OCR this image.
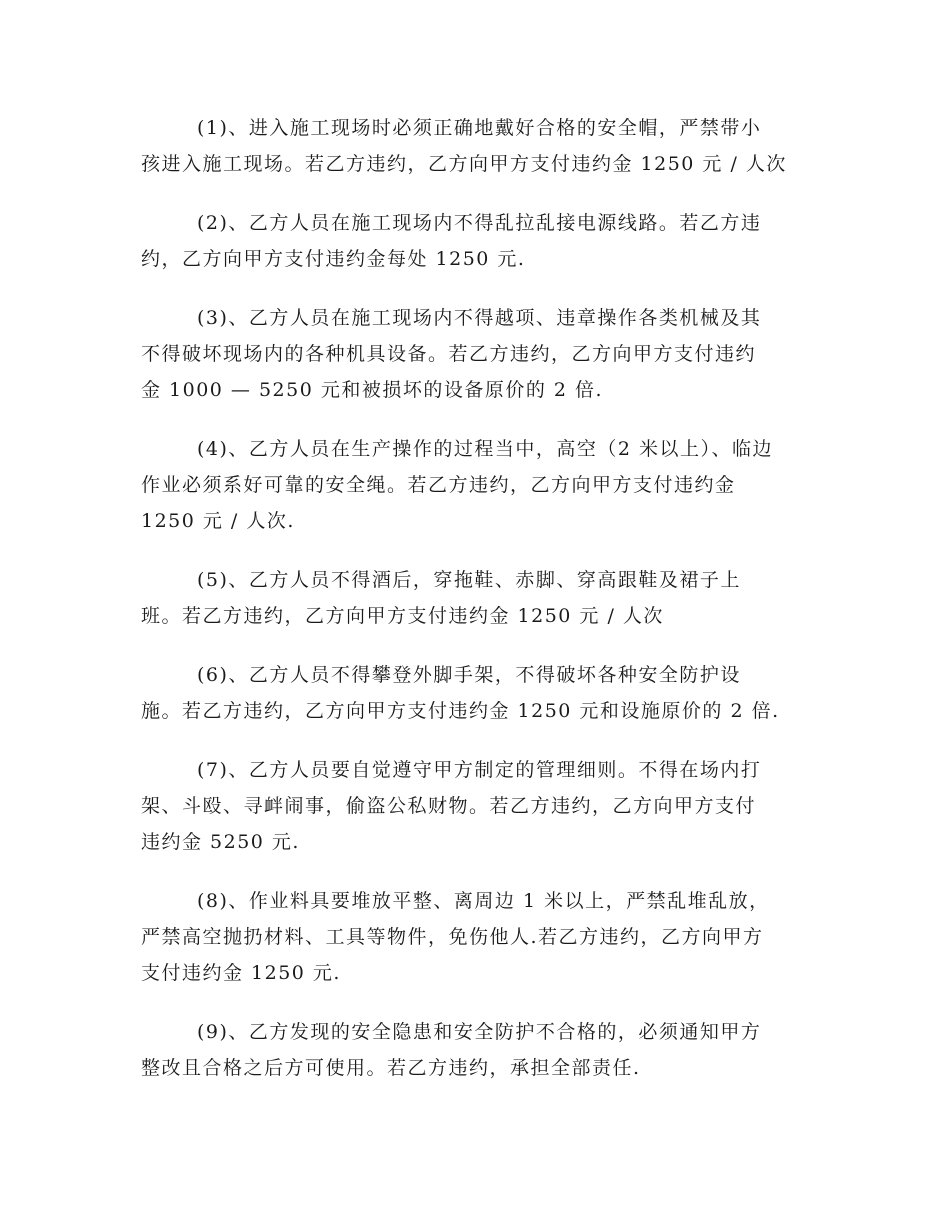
(1)、进入施工现场时必须正确地戴好合格的安全帽，严禁带小
孩进入施工现场。若乙方违约，乙方向甲方支付违约金 1250 元 / 人次
(2)、乙方人员在施工现场内不得乱拉乱接电源线路。若乙方违
约，乙方向甲方支付违约金每处 1250 元.
(3)、乙方人员在施工现场内不得越项、违章操作各类机械及其
不得破坏现场内的各种机具设备。若乙方违约，乙方向甲方支付违约
金 1000 — 5250 元和被损坏的设备原价的 2 倍.
(4)、乙方人员在生产操作的过程当中，高空（2 米以上）、临边
作业必须系好可靠的安全绳。若乙方违约，乙方向甲方支付违约金
1250 元 / 人次.
(5)、乙方人员不得酒后，穿拖鞋、赤脚、穿高跟鞋及裙子上
班。若乙方违约，乙方向甲方支付违约金 1250 元 / 人次
(6)、乙方人员不得攀登外脚手架，不得破坏各种安全防护设
施。若乙方违约，乙方向甲方支付违约金 1250 元和设施原价的 2 倍.
(7)、乙方人员要自觉遵守甲方制定的管理细则。不得在场内打
架、斗殴、寻衅闹事，偷盗公私财物。若乙方违约，乙方向甲方支付
违约金 5250 元.
(8)、作业料具要堆放平整、离周边 1 米以上，严禁乱堆乱放，
严禁高空抛扔材料、工具等物件，免伤他人.若乙方违约，乙方向甲方
支付违约金 1250 元.
(9)、乙方发现的安全隐患和安全防护不合格的，必须通知甲方
整改且合格之后方可使用。若乙方违约，承担全部责任.
